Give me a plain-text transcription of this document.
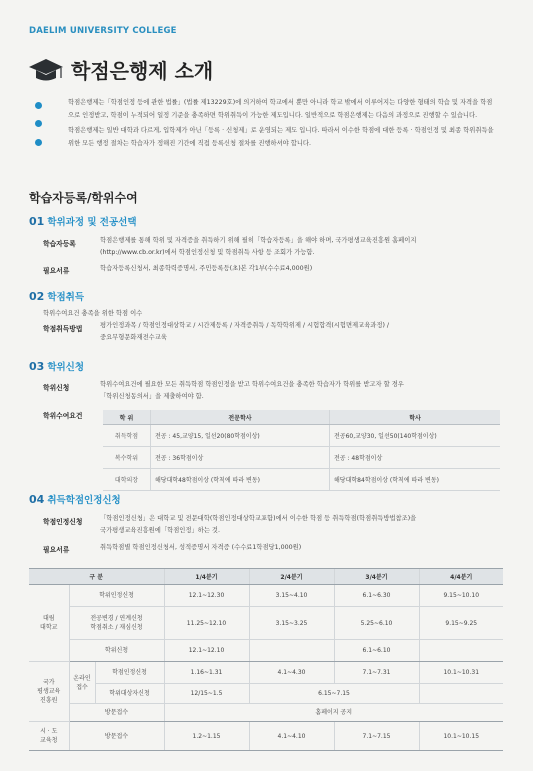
DAELIM UNIVERSITY COLLEGE
학점은행제 소개

학점은행제는「학점인정 등에 관한 법률」(법률 제13229호)에 의거하여 학교에서 뿐만 아니라 학교 밖에서 이루어지는 다양한 형태의 학습 및 자격을 학점으로 인정받고, 학점이 누적되어 일정 기준을 충족하면 학위취득이 가능한 제도입니다. 일반적으로 학점은행제는 다음의 과정으로 진행할 수 있습니다.

학점은행제는 일반 대학과 다르게, 입학제가 아닌「등록 · 신청제」로 운영되는 제도 입니다. 따라서 이수한 학점에 대한 등록 · 학점인정 및 최종 학위취득을 위한 모든 행정 절차는 학습자가 정해진 기간에 직접 등록신청 절차를 진행하셔야 합니다.

학습자등록/학위수여
01 학위과정 및 전공선택
학습자등록	학점은행제를 통해 학위 및 자격증을 취득하기 위해 필히「학습자등록」을 해야 하며, 국가평생교육진흥원 홈페이지
(http://www.cb.or.kr)에서 학점인정신청 및 학점취득 사항 등 조회가 가능함.
필요서류	학습자등록신청서, 최종학력증명서, 주민등록등(초)본 각1부(수수료4,000원)
02 학점취득
학위수여요건 충족을 위한 학점 이수
학점취득방법	평가인정과목 / 학점인정대상학교 / 시간제등록 / 자격증취득 / 독학학위제 / 시험합격(시험면제교육과정) /
중요무형문화재전수교육
03 학위신청
학위신청	학위수여요건에 필요한 모든 취득학점 학점인정을 받고 학위수여요건을 충족한 학습자가 학위를 받고자 할 경우
「학위신청동의서」을 제출하여야 함.
학위수여요건	학 위	전문학사	학사
취득학점	전공 : 45,교양15, 일선20(80학점이상)	전공60,교양30, 일선50(140학점이상)
복수학위	전공 : 36학점이상	전공 : 48학점이상
대학의장	해당대학48학점이상 (학칙에 따라 변동)	해당대학84학점이상 (학칙에 따라 변동)
04 취득학점인정신청
학점인정신청	「학점인정신청」은 대학교 및 전문대학(학점인정대상학교포함)에서 이수한 학점 등 취득학점(학점취득방법참조)을
국가평생교육진흥원에「학점인정」하는 것.
필요서류	취득학점별 학점인정신청서, 성적증명서 자격증 (수수료1학점당1,000원)
구 분			1/4분기	2/4분기	3/4분기	4/4분기
대림
대학교	학위인정신청		12.1~12.30	3.15~4.10	6.1~6.30	9.15~10.10
	전공변경 / 연계신청
학점취소 / 재심신청		11.25~12.10	3.15~3.25	5.25~6.10	9.15~9.25
	학위신청		12.1~12.10		6.1~6.10	
국가
평생교육
진흥원	온라인
접수	학점인정신청	1.16~1.31	4.1~4.30	7.1~7.31	10.1~10.31
		학위대상자신청	12/15~1.5	6.15~7.15		
	방문접수		홈페이지 공지			
시 · 도
교육청	방문접수		1.2~1.15	4.1~4.10	7.1~7.15	10.1~10.15
